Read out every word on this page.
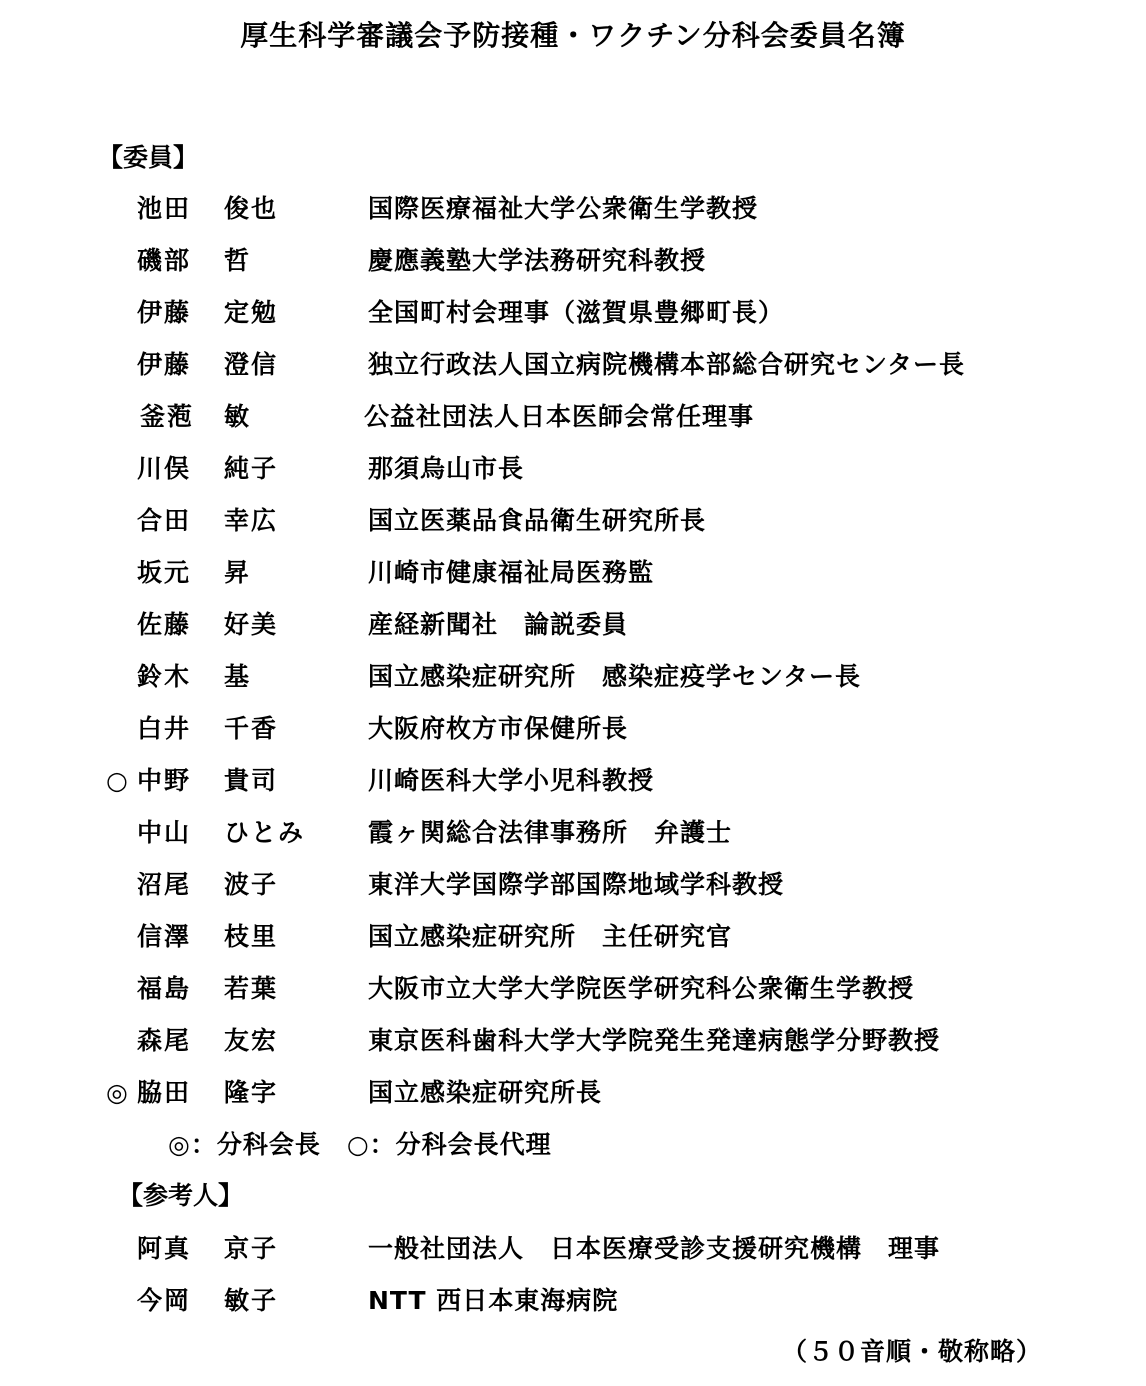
厚生科学審議会予防接種・ワクチン分科会委員名簿
【委員】
池田 俊也	国際医療福祉大学公衆衛生学教授
磯部 哲	慶應義塾大学法務研究科教授
伊藤 定勉	全国町村会理事（滋賀県豊郷町長）
伊藤 澄信	独立行政法人国立病院機構本部総合研究センター長
釜萢 敏	公益社団法人日本医師会常任理事
川俣 純子	那須烏山市長
合田 幸広	国立医薬品食品衛生研究所長
坂元 昇	川崎市健康福祉局医務監
佐藤 好美	産経新聞社　論説委員
鈴木 基	国立感染症研究所　感染症疫学センター長
白井 千香	大阪府枚方市保健所長
○ 中野 貴司	川崎医科大学小児科教授
中山 ひとみ	霞ヶ関総合法律事務所　弁護士
沼尾 波子	東洋大学国際学部国際地域学科教授
信澤 枝里	国立感染症研究所　主任研究官
福島 若葉	大阪市立大学大学院医学研究科公衆衛生学教授
森尾 友宏	東京医科歯科大学大学院発生発達病態学分野教授
◎ 脇田 隆字	国立感染症研究所長
◎：分科会長　○：分科会長代理
【参考人】
阿真 京子	一般社団法人　日本医療受診支援研究機構　理事
今岡 敏子	NTT 西日本東海病院
（５０音順・敬称略）
